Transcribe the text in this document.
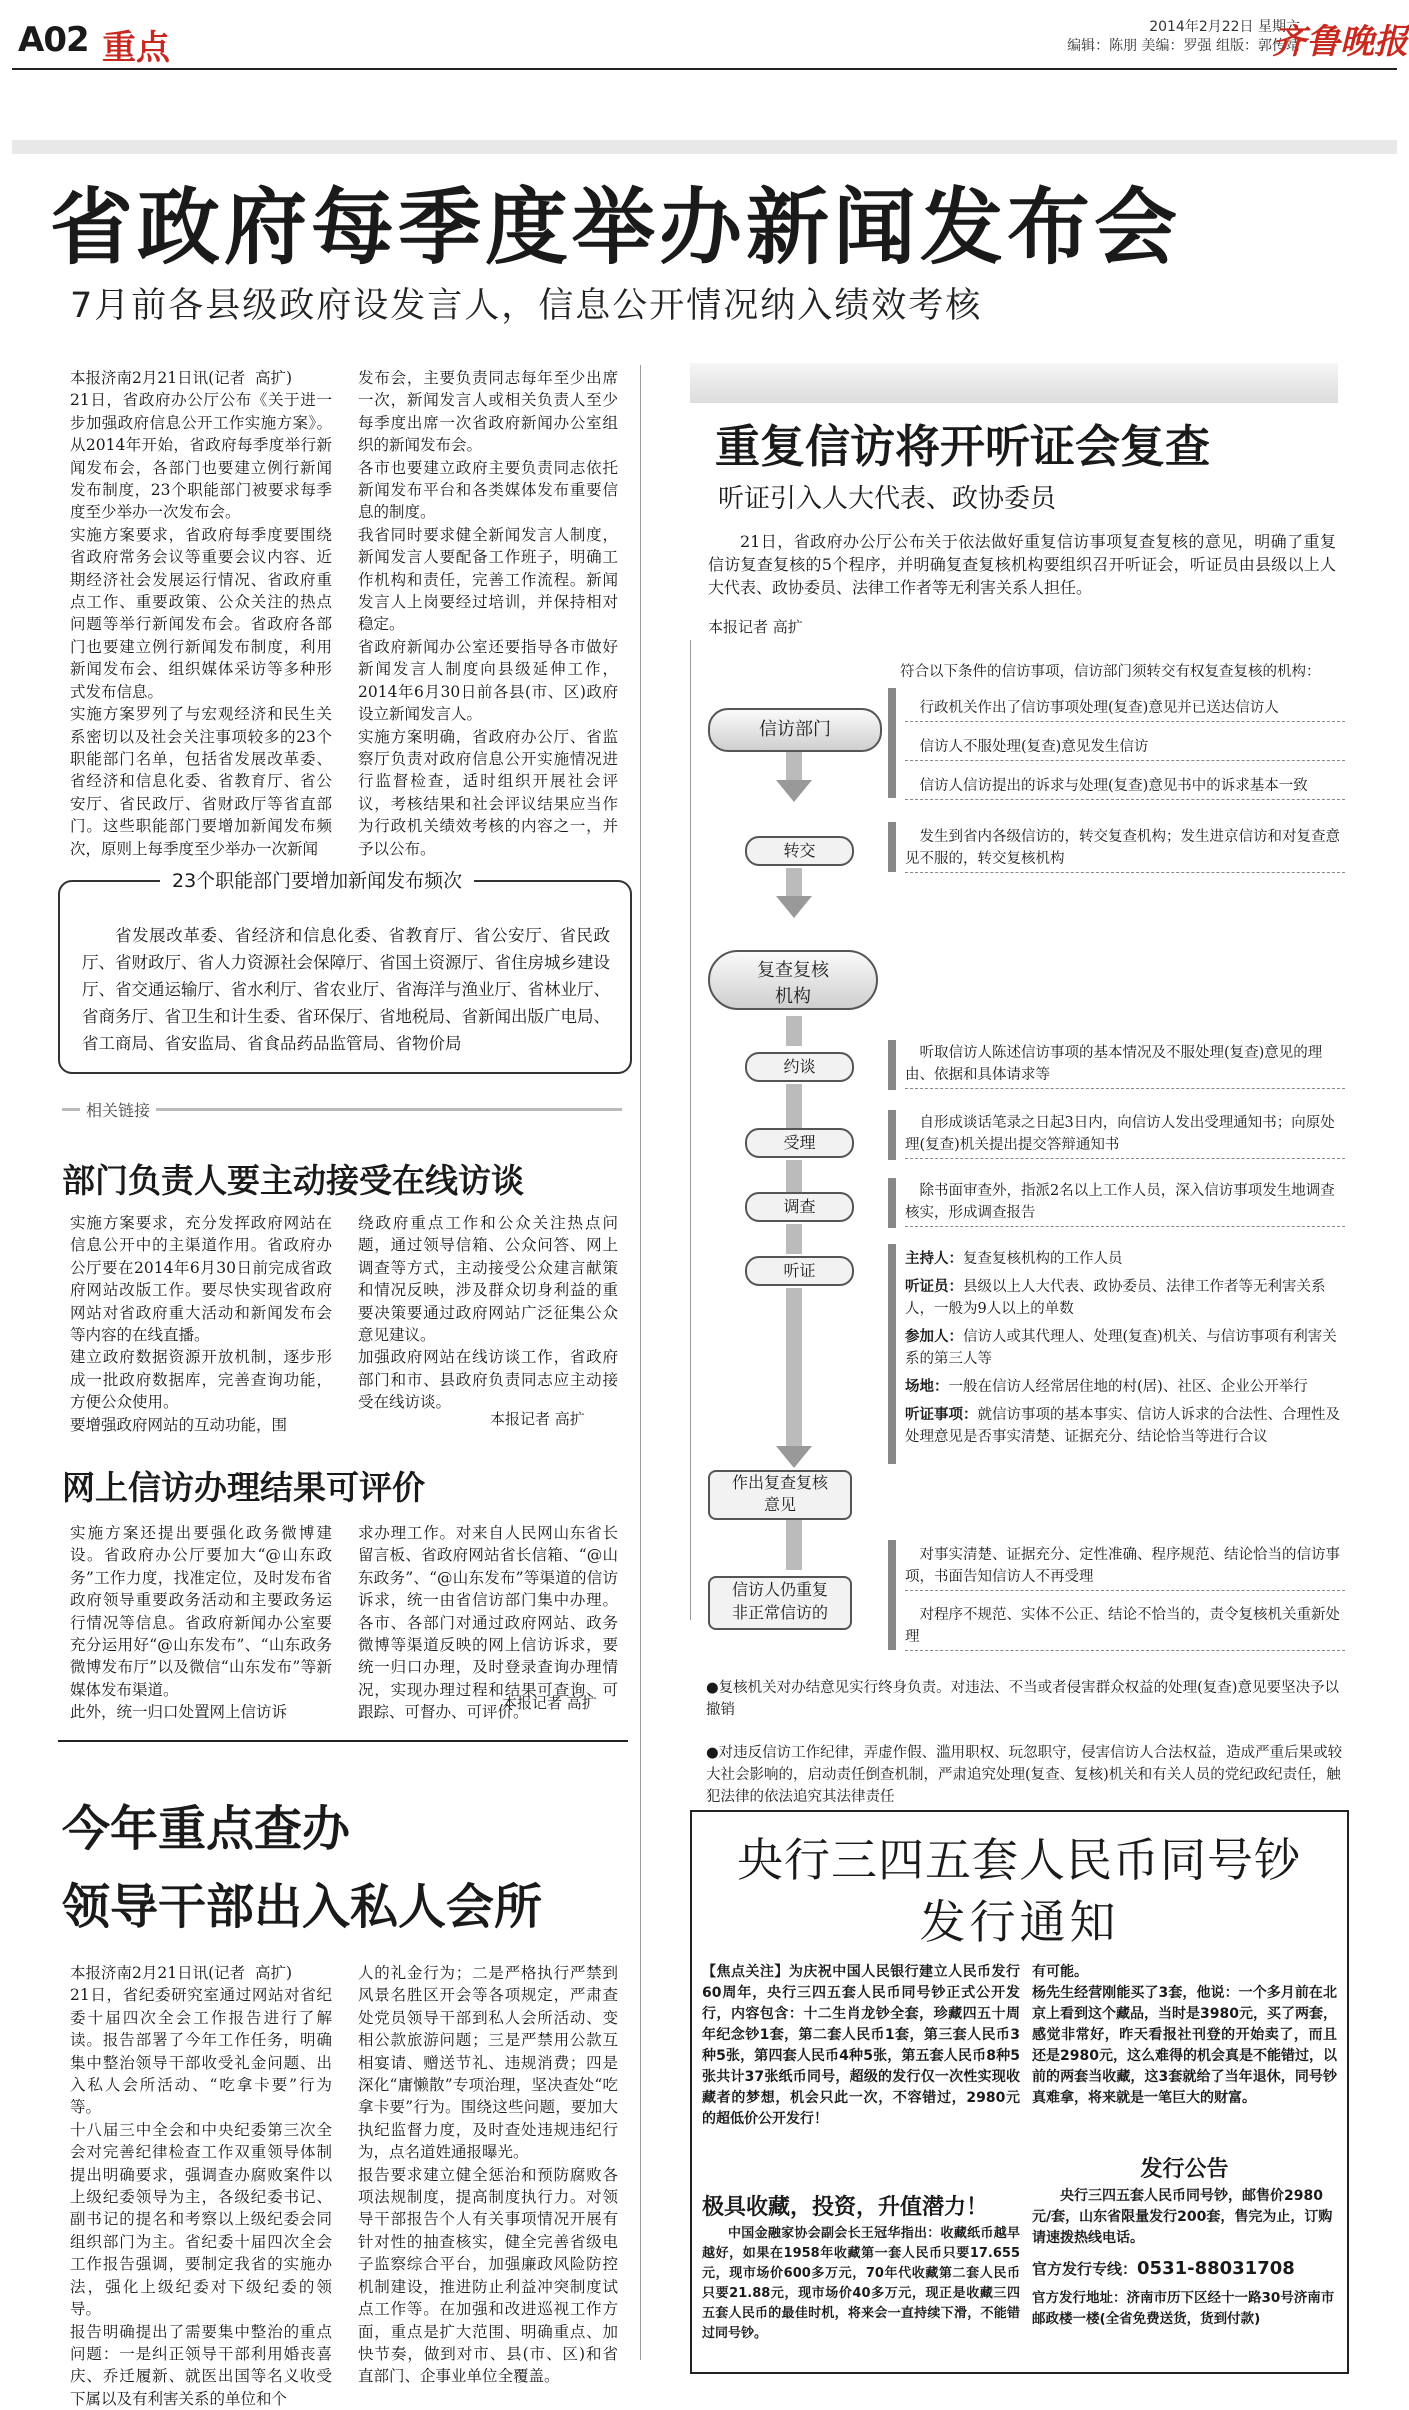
A02 重点
2014年2月22日 星期六
编辑：陈朋 美编：罗强 组版：郭传靖
齐鲁晚报
省政府每季度举办新闻发布会
7月前各县级政府设发言人，信息公开情况纳入绩效考核
本报济南2月21日讯(记者  高扩)
21日，省政府办公厅公布《关于进一步加强政府信息公开工作实施方案》。从2014年开始，省政府每季度举行新闻发布会，各部门也要建立例行新闻发布制度，23个职能部门被要求每季度至少举办一次发布会。
实施方案要求，省政府每季度要围绕省政府常务会议等重要会议内容、近期经济社会发展运行情况、省政府重点工作、重要政策、公众关注的热点问题等举行新闻发布会。省政府各部门也要建立例行新闻发布制度，利用新闻发布会、组织媒体采访等多种形式发布信息。
实施方案罗列了与宏观经济和民生关系密切以及社会关注事项较多的23个职能部门名单，包括省发展改革委、省经济和信息化委、省教育厅、省公安厅、省民政厅、省财政厅等省直部门。这些职能部门要增加新闻发布频次，原则上每季度至少举办一次新闻
发布会，主要负责同志每年至少出席一次，新闻发言人或相关负责人至少每季度出席一次省政府新闻办公室组织的新闻发布会。
各市也要建立政府主要负责同志依托新闻发布平台和各类媒体发布重要信息的制度。
我省同时要求健全新闻发言人制度，新闻发言人要配备工作班子，明确工作机构和责任，完善工作流程。新闻发言人上岗要经过培训，并保持相对稳定。
省政府新闻办公室还要指导各市做好新闻发言人制度向县级延伸工作，2014年6月30日前各县(市、区)政府设立新闻发言人。
实施方案明确，省政府办公厅、省监察厅负责对政府信息公开实施情况进行监督检查，适时组织开展社会评议，考核结果和社会评议结果应当作为行政机关绩效考核的内容之一，并予以公布。
23个职能部门要增加新闻发布频次
省发展改革委、省经济和信息化委、省教育厅、省公安厅、省民政厅、省财政厅、省人力资源社会保障厅、省国土资源厅、省住房城乡建设厅、省交通运输厅、省水利厅、省农业厅、省海洋与渔业厅、省林业厅、省商务厅、省卫生和计生委、省环保厅、省地税局、省新闻出版广电局、省工商局、省安监局、省食品药品监管局、省物价局
相关链接
部门负责人要主动接受在线访谈
实施方案要求，充分发挥政府网站在信息公开中的主渠道作用。省政府办公厅要在2014年6月30日前完成省政府网站改版工作。要尽快实现省政府网站对省政府重大活动和新闻发布会等内容的在线直播。
建立政府数据资源开放机制，逐步形成一批政府数据库，完善查询功能，方便公众使用。
要增强政府网站的互动功能，围
绕政府重点工作和公众关注热点问题，通过领导信箱、公众问答、网上调查等方式，主动接受公众建言献策和情况反映，涉及群众切身利益的重要决策要通过政府网站广泛征集公众意见建议。
加强政府网站在线访谈工作，省政府部门和市、县政府负责同志应主动接受在线访谈。
本报记者 高扩
网上信访办理结果可评价
实施方案还提出要强化政务微博建设。省政府办公厅要加大“@山东政务”工作力度，找准定位，及时发布省政府领导重要政务活动和主要政务运行情况等信息。省政府新闻办公室要充分运用好“@山东发布”、“山东政务微博发布厅”以及微信“山东发布”等新媒体发布渠道。
此外，统一归口处置网上信访诉
求办理工作。对来自人民网山东省长留言板、省政府网站省长信箱、“@山东政务”、“@山东发布”等渠道的信访诉求，统一由省信访部门集中办理。各市、各部门对通过政府网站、政务微博等渠道反映的网上信访诉求，要统一归口办理，及时登录查询办理情况，实现办理过程和结果可查询、可跟踪、可督办、可评价。
本报记者 高扩
今年重点查办
领导干部出入私人会所
本报济南2月21日讯(记者  高扩)
21日，省纪委研究室通过网站对省纪委十届四次全会工作报告进行了解读。报告部署了今年工作任务，明确集中整治领导干部收受礼金问题、出入私人会所活动、“吃拿卡要”行为等。
十八届三中全会和中央纪委第三次全会对完善纪律检查工作双重领导体制提出明确要求，强调查办腐败案件以上级纪委领导为主，各级纪委书记、副书记的提名和考察以上级纪委会同组织部门为主。省纪委十届四次全会工作报告强调，要制定我省的实施办法，强化上级纪委对下级纪委的领导。
报告明确提出了需要集中整治的重点问题：一是纠正领导干部利用婚丧喜庆、乔迁履新、就医出国等名义收受下属以及有利害关系的单位和个
人的礼金行为；二是严格执行严禁到风景名胜区开会等各项规定，严肃查处党员领导干部到私人会所活动、变相公款旅游问题；三是严禁用公款互相宴请、赠送节礼、违规消费；四是深化“庸懒散”专项治理，坚决查处“吃拿卡要”行为。围绕这些问题，要加大执纪监督力度，及时查处违规违纪行为，点名道姓通报曝光。
报告要求建立健全惩治和预防腐败各项法规制度，提高制度执行力。对领导干部报告个人有关事项情况开展有针对性的抽查核实，健全完善省级电子监察综合平台，加强廉政风险防控机制建设，推进防止利益冲突制度试点工作等。在加强和改进巡视工作方面，重点是扩大范围、明确重点、加快节奏，做到对市、县(市、区)和省直部门、企事业单位全覆盖。
重复信访将开听证会复查
听证引入人大代表、政协委员
21日，省政府办公厅公布关于依法做好重复信访事项复查复核的意见，明确了重复信访复查复核的5个程序，并明确复查复核机构要组织召开听证会，听证员由县级以上人大代表、政协委员、法律工作者等无利害关系人担任。
本报记者 高扩
符合以下条件的信访事项，信访部门须转交有权复查复核的机构：
行政机关作出了信访事项处理(复查)意见并已送达信访人
信访人不服处理(复查)意见发生信访
信访人信访提出的诉求与处理(复查)意见书中的诉求基本一致
信访部门
转交
发生到省内各级信访的，转交复查机构；发生进京信访和对复查意见不服的，转交复核机构
复查复核
机构
约谈
听取信访人陈述信访事项的基本情况及不服处理(复查)意见的理由、依据和具体请求等
受理
自形成谈话笔录之日起3日内，向信访人发出受理通知书；向原处理(复查)机关提出提交答辩通知书
调查
除书面审查外，指派2名以上工作人员，深入信访事项发生地调查核实，形成调查报告
听证
主持人：复查复核机构的工作人员
听证员：县级以上人大代表、政协委员、法律工作者等无利害关系人，一般为9人以上的单数
参加人：信访人或其代理人、处理(复查)机关、与信访事项有利害关系的第三人等
场地：一般在信访人经常居住地的村(居)、社区、企业公开举行
听证事项：就信访事项的基本事实、信访人诉求的合法性、合理性及处理意见是否事实清楚、证据充分、结论恰当等进行合议
作出复查复核
意见
信访人仍重复
非正常信访的
对事实清楚、证据充分、定性准确、程序规范、结论恰当的信访事项，书面告知信访人不再受理
对程序不规范、实体不公正、结论不恰当的，责令复核机关重新处理
●复核机关对办结意见实行终身负责。对违法、不当或者侵害群众权益的处理(复查)意见要坚决予以撤销
●对违反信访工作纪律，弄虚作假、滥用职权、玩忽职守，侵害信访人合法权益，造成严重后果或较大社会影响的，启动责任倒查机制，严肃追究处理(复查、复核)机关和有关人员的党纪政纪责任，触犯法律的依法追究其法律责任
央行三四五套人民币同号钞
发行通知
【焦点关注】为庆祝中国人民银行建立人民币发行60周年，央行三四五套人民币同号钞正式公开发行，内容包含：十二生肖龙钞全套，珍藏四五十周年纪念钞1套，第二套人民币1套，第三套人民币3种5张，第四套人民币4种5张，第五套人民币8种5张共计37张纸币同号，超级的发行仅一次性实现收藏者的梦想，机会只此一次，不容错过，2980元的超低价公开发行！
极具收藏，投资，升值潜力！
中国金融家协会副会长王冠华指出：收藏纸币越早越好，如果在1958年收藏第一套人民币只要17.655元，现市场价600多万元，70年代收藏第二套人民币只要21.88元，现市场价40多万元，现正是收藏三四五套人民币的最佳时机，将来会一直持续下滑，不能错过同号钞。
有可能。
杨先生经营刚能买了3套，他说：一个多月前在北京上看到这个藏品，当时是3980元，买了两套，感觉非常好，昨天看报社刊登的开始卖了，而且还是2980元，这么难得的机会真是不能错过，以前的两套当收藏，这3套就给了当年退休，同号钞真难拿，将来就是一笔巨大的财富。
发行公告
央行三四五套人民币同号钞，邮售价2980元/套，山东省限量发行200套，售完为止，订购请速拨热线电话。
官方发行专线：0531-88031708
官方发行地址：济南市历下区经十一路30号济南市邮政楼一楼(全省免费送货，货到付款)
